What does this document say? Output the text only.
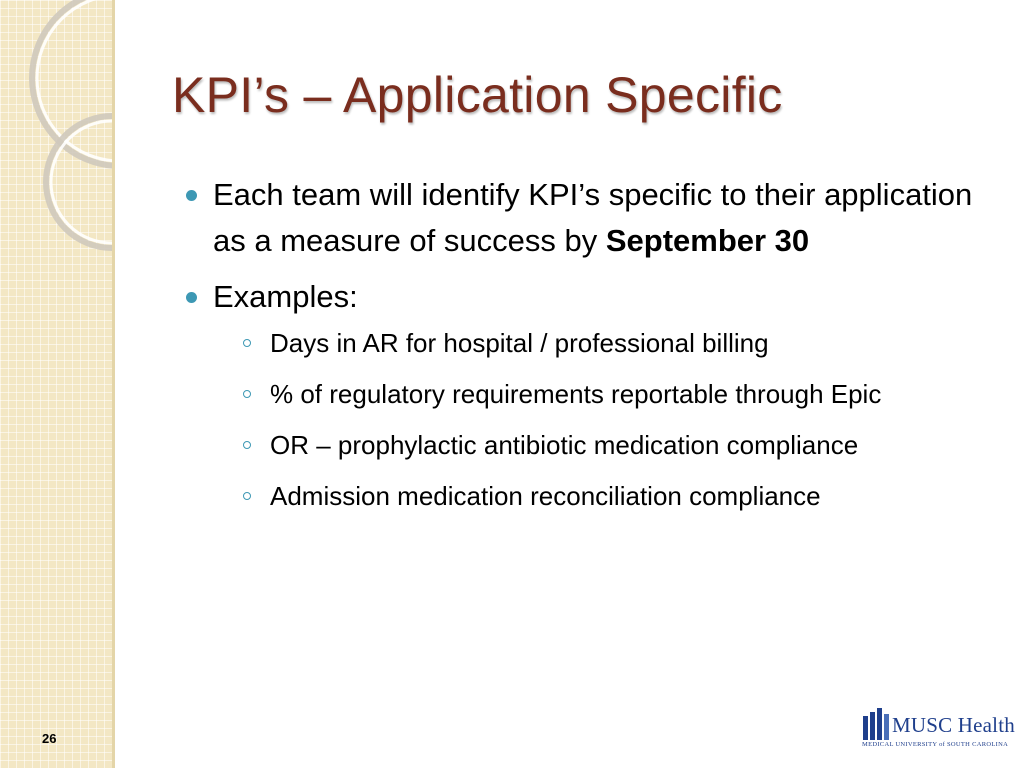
26
KPI’s – Application Specific
Each team will identify KPI’s specific to their application as a measure of success by September 30
Examples:
Days in AR for hospital / professional billing
% of regulatory requirements reportable through Epic
OR – prophylactic antibiotic medication compliance
Admission medication reconciliation compliance
MUSC Health
MEDICAL UNIVERSITY of SOUTH CAROLINA
